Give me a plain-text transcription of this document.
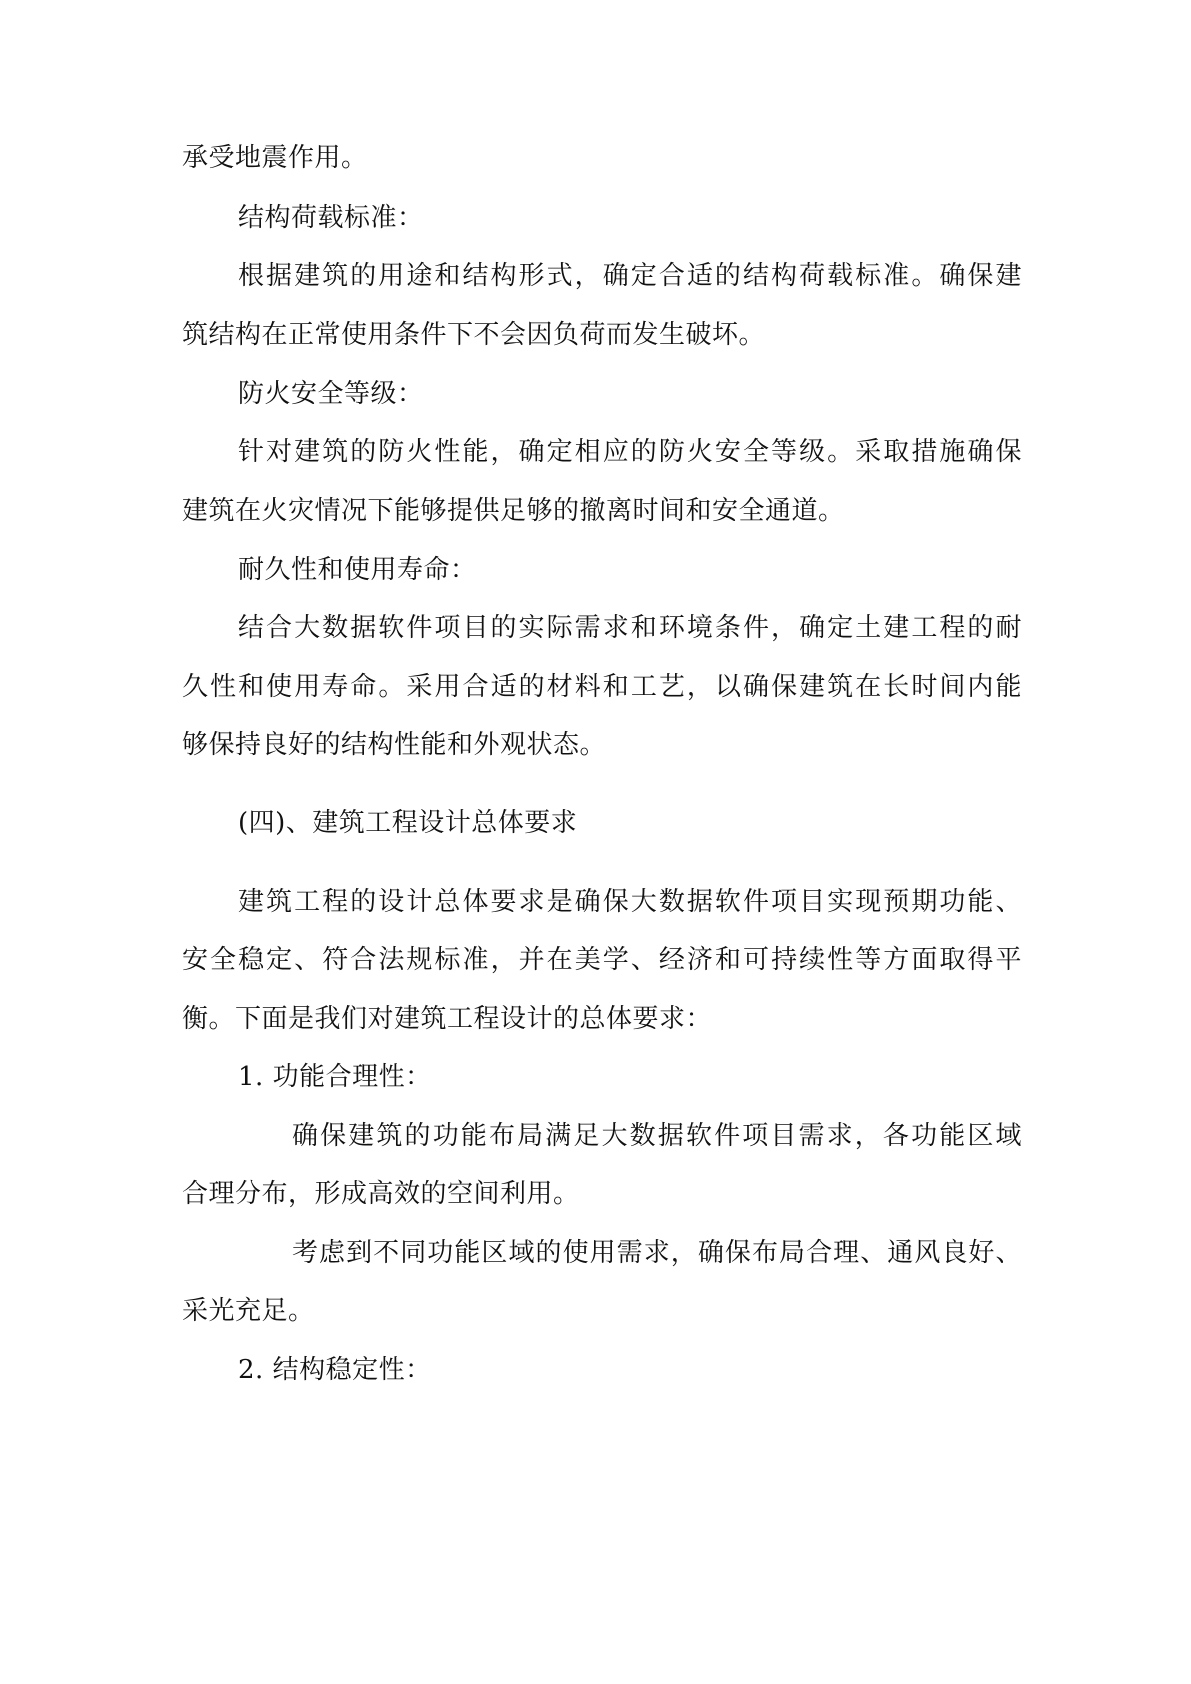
承受地震作用。
结构荷载标准：
根据建筑的用途和结构形式，确定合适的结构荷载标准。确保建
筑结构在正常使用条件下不会因负荷而发生破坏。
防火安全等级：
针对建筑的防火性能，确定相应的防火安全等级。采取措施确保
建筑在火灾情况下能够提供足够的撤离时间和安全通道。
耐久性和使用寿命：
结合大数据软件项目的实际需求和环境条件，确定土建工程的耐
久性和使用寿命。采用合适的材料和工艺，以确保建筑在长时间内能
够保持良好的结构性能和外观状态。
(四)、建筑工程设计总体要求
建筑工程的设计总体要求是确保大数据软件项目实现预期功能、
安全稳定、符合法规标准，并在美学、经济和可持续性等方面取得平
衡。下面是我们对建筑工程设计的总体要求：
1. 功能合理性：
确保建筑的功能布局满足大数据软件项目需求，各功能区域
合理分布，形成高效的空间利用。
考虑到不同功能区域的使用需求，确保布局合理、通风良好、
采光充足。
2. 结构稳定性：
